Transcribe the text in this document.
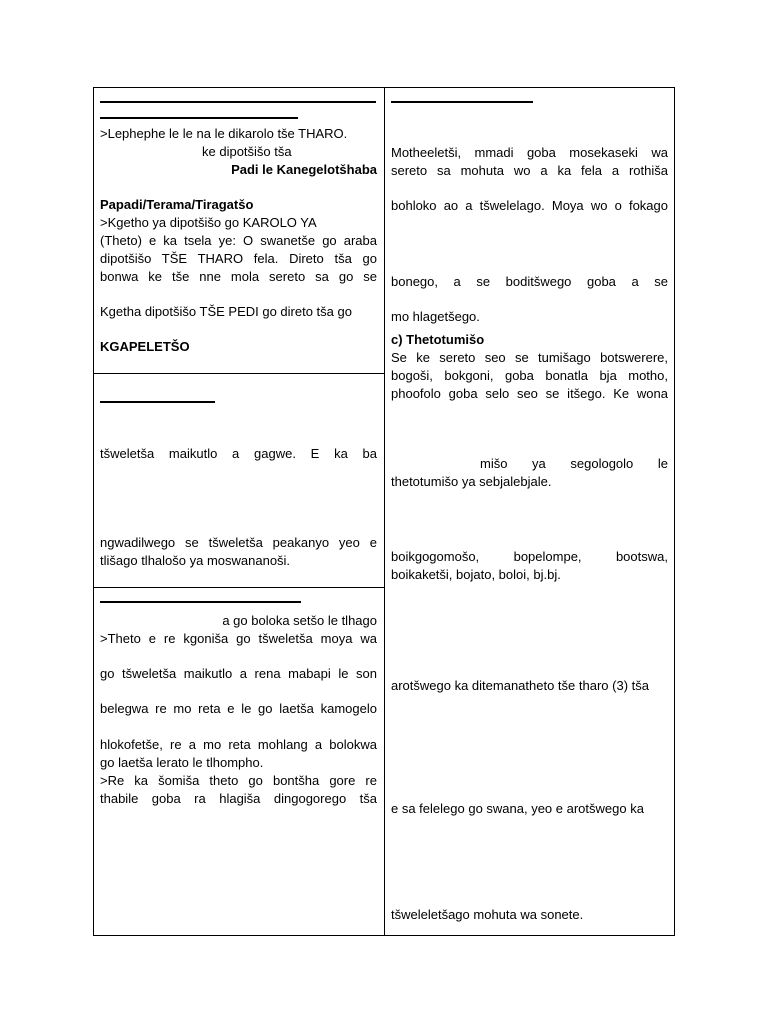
>Lephephe le le na le dikarolo tše THARO.
ke dipotšišo tša
Padi le Kanegelotšhaba
Papadi/Terama/Tiragatšo
>Kgetho ya dipotšišo go KAROLO YA
(Theto) e ka tsela ye: O swanetše go araba
dipotšišo TŠE THARO fela. Direto tša go
bonwa ke tše nne mola sereto sa go se
Kgetha dipotšišo TŠE PEDI go direto tša go
KGAPELETŠO
tšweletša maikutlo a gagwe. E ka ba
ngwadilwego se tšweletša peakanyo yeo e
tlišago tlhalošo ya moswananoši.
a go boloka setšo le tlhago
>Theto e re kgoniša go tšweletša moya wa
go tšweletša maikutlo a rena mabapi le son
belegwa re mo reta e le go laetša kamogelo
hlokofetše, re a mo reta mohlang a bolokwa
go laetša lerato le tlhompho.
>Re ka šomiša theto go bontšha gore re
thabile goba ra hlagiša dingogorego tša
Motheeletši, mmadi goba mosekaseki wa
sereto sa mohuta wo a ka fela a rothiša
bohloko ao a tšwelelago. Moya wo o fokago
bonego, a se boditšwego goba a se
mo hlagetšego.
c) Thetotumišo
Se ke sereto seo se tumišago botswerere,
bogoši, bokgoni, goba bonatla bja motho,
phoofolo goba selo seo se itšego. Ke wona
mišo ya segologolo le
thetotumišo ya sebjalebjale.
boikgogomošo, bopelompe, bootswa,
boikaketši, bojato, boloi, bj.bj.
arotšwego ka ditemanatheto tše tharo (3) tša
e sa felelego go swana, yeo e arotšwego ka
tšweleletšago mohuta wa sonete.
